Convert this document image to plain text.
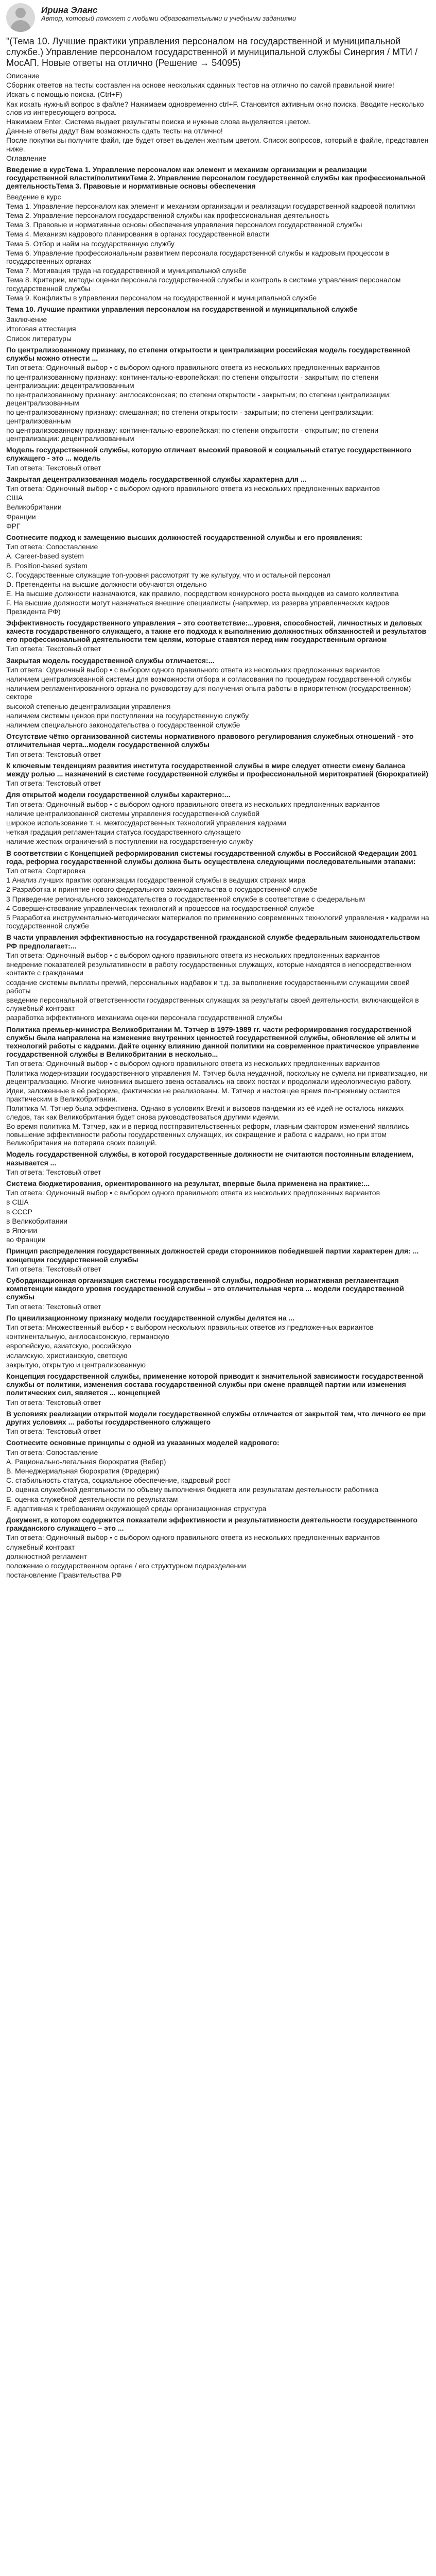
Ирина Эланс
Автор, который поможет с любыми образовательными и учебными заданиями
"(Тема 10. Лучшие практики управления персоналом на государственной и муниципальной службе.) Управление персоналом государственной и муниципальной службы Синергия / МТИ / МосАП. Новые ответы на отлично (Решение → 54095)
Описание
Сборник ответов на тесты составлен на основе нескольких сданных тестов на отлично по самой правильной книге!
Искать с помощью поиска. (Ctrl+F)
Как искать нужный вопрос в файле? Нажимаем одновременно ctrl+F. Становится активным окно поиска. Вводите несколько слов из интересующего вопроса.
Нажимаем Enter. Система выдает результаты поиска и нужные слова выделяются цветом.
Данные ответы дадут Вам возможность сдать тесты на отлично!
После покупки вы получите файл, где будет ответ выделен желтым цветом. Список вопросов, который в файле, представлен ниже.
Оглавление
Введение в курсТема 1. Управление персоналом как элемент и механизм организации и реализации государственной власти/политикиТема 2. Управление персоналом государственной службы как профессиональной деятельностьТема 3. Правовые и нормативные основы обеспечения
Введение в курс
Тема 1. Управление персоналом как элемент и механизм организации и реализации государственной кадровой политики
Тема 2. Управление персоналом государственной службы как профессиональная деятельность
Тема 3. Правовые и нормативные основы обеспечения управления персоналом государственной службы
Тема 4. Механизм кадрового планирования в органах государственной власти
Тема 5. Отбор и найм на государственную службу
Тема 6. Управление профессиональным развитием персонала государственной службы и кадровым процессом в государственных органах
Тема 7. Мотивация труда на государственной и муниципальной службе
Тема 8. Критерии, методы оценки персонала государственной службы и контроль в системе управления персоналом государственной службы
Тема 9. Конфликты в управлении персоналом на государственной и муниципальной службе
Тема 10. Лучшие практики управления персоналом на государственной и муниципальной службе
Заключение
Итоговая аттестация
Список литературы
По централизованному признаку, по степени открытости и централизации российская модель государственной службы можно отнести ...
Тип ответа: Одиночный выбор • с выбором одного правильного ответа из нескольких предложенных вариантов
по централизованному признаку: континентально-европейская; по степени открытости - закрытым; по степени централизации: децентрализованным
по централизованному признаку: англосаксонская; по степени открытости - закрытым; по степени централизации: децентрализованным
по централизованному признаку: смешанная; по степени открытости - закрытым; по степени централизации: централизованным
по централизованному признаку: континентально-европейская; по степени открытости - открытым; по степени централизации: децентрализованным
Модель государственной службы, которую отличает высокий правовой и социальный статус государственного служащего - это ... модель
Тип ответа: Текстовый ответ
Закрытая децентрализованная модель государственной службы характерна для ...
Тип ответа: Одиночный выбор • с выбором одного правильного ответа из нескольких предложенных вариантов
США
Великобритании
Франции
ФРГ
Соотнесите подход к замещению высших должностей государственной службы и его проявления:
Тип ответа: Сопоставление
A. Career-based system
B. Position-based system
C. Государственные служащие топ-уровня рассмотрят ту же культуру, что и остальной персонал
D. Претенденты на высшие должности обучаются отдельно
E. На высшие должности назначаются, как правило, посредством конкурсного роста выходцев из самого коллектива
F. На высшие должности могут назначаться внешние специалисты (например, из резерва управленческих кадров Президента РФ)
Эффективность государственного управления – это соответствие:...уровня, способностей, личностных и деловых качеств государственного служащего, а также его подхода к выполнению должностных обязанностей и результатов его профессиональной деятельности тем целям, которые ставятся перед ним государственным органом
Тип ответа: Текстовый ответ
Закрытая модель государственной службы отличается:...
Тип ответа: Одиночный выбор • с выбором одного правильного ответа из нескольких предложенных вариантов
наличием централизованной системы для возможности отбора и согласования по процедурам государственной службы
наличием регламентированного органа по руководству для получения опыта работы в приоритетном (государственном) секторе
высокой степенью децентрализации управления
наличием системы цензов при поступлении на государственную службу
наличием специального законодательства о государственной службе
Отсутствие чётко организованной системы нормативного правового регулирования служебных отношений - это отличительная черта...модели государственной службы
Тип ответа: Текстовый ответ
К ключевым тенденциям развития института государственной службы в мире следует отнести смену баланса между ролью ... назначений в системе государственной службы и профессиональной меритократией (бюрократией)
Тип ответа: Текстовый ответ
Для открытой модели государственной службы характерно:...
Тип ответа: Одиночный выбор • с выбором одного правильного ответа из нескольких предложенных вариантов
наличие централизованной системы управления государственной службой
широкое использование т. н. межгосударственных технологий управления кадрами
четкая градация регламентации статуса государственного служащего
наличие жестких ограничений в поступлении на государственную службу
В соответствии с Концепцией реформирования системы государственной службы в Российской Федерации 2001 года, реформа государственной службы должна быть осуществлена следующими последовательными этапами:
Тип ответа: Сортировка
1 Анализ лучших практик организации государственной службы в ведущих странах мира
2 Разработка и принятие нового федерального законодательства о государственной службе
3 Приведение регионального законодательства о государственной службе в соответствие с федеральным
4 Совершенствование управленческих технологий и процессов на государственной службе
5 Разработка инструментально-методических материалов по применению современных технологий управления • кадрами на государственной службе
В части управления эффективностью на государственной гражданской службе федеральным законодательством РФ предполагает:...
Тип ответа: Одиночный выбор • с выбором одного правильного ответа из нескольких предложенных вариантов
внедрение показателей результативности в работу государственных служащих, которые находятся в непосредственном контакте с гражданами
создание системы выплаты премий, персональных надбавок и т.д. за выполнение государственными служащими своей работы
введение персональной ответственности государственных служащих за результаты своей деятельности, включающейся в служебный контракт
разработка эффективного механизма оценки персонала государственной службы
Политика премьер-министра Великобритании М. Тэтчер в 1979-1989 гг. части реформирования государственной службы была направлена на изменение внутренних ценностей государственной службы, обновление её элиты и технологий работы с кадрами. Дайте оценку влиянию данной политики на современное практическое управление государственной службы в Великобритании в несколько...
Тип ответа: Одиночный выбор • с выбором одного правильного ответа из нескольких предложенных вариантов
Политика модернизации государственного управления М. Тэтчер была неудачной, поскольку не сумела ни приватизацию, ни децентрализацию. Многие чиновники высшего звена оставались на своих постах и продолжали идеологическую работу.
Идеи, заложенные в её реформе, фактически не реализованы. М. Тэтчер и настоящее время по-прежнему остаются практическим в Великобритании.
Политика М. Тэтчер была эффективна. Однако в условиях Brexit и вызовов пандемии из её идей не осталось никаких следов, так как Великобритания будет снова руководствоваться другими идеями.
Во время политика М. Тэтчер, как и в период постправительственных реформ, главным фактором изменений являлись повышение эффективности работы государственных служащих, их сокращение и работа с кадрами, но при этом Великобритания не потеряла своих позиций.
Модель государственной службы, в которой государственные должности не считаются постоянным владением, называется ...
Тип ответа: Текстовый ответ
Система бюджетирования, ориентированного на результат, впервые была применена на практике:...
Тип ответа: Одиночный выбор • с выбором одного правильного ответа из нескольких предложенных вариантов
в США
в СССР
в Великобритании
в Японии
во Франции
Принцип распределения государственных должностей среди сторонников победившей партии характерен для: ... концепции государственной службы
Тип ответа: Текстовый ответ
Субординационная организация системы государственной службы, подробная нормативная регламентация компетенции каждого уровня государственной службы – это отличительная черта ... модели государственной службы
Тип ответа: Текстовый ответ
По цивилизационному признаку модели государственной службы делятся на ...
Тип ответа: Множественный выбор • с выбором нескольких правильных ответов из предложенных вариантов
континентальную, англосаксонскую, германскую
европейскую, азиатскую, российскую
исламскую, христианскую, светскую
закрытую, открытую и централизованную
Концепция государственной службы, применение которой приводит к значительной зависимости государственной службы от политики, изменения состава государственной службы при смене правящей партии или изменения политических сил, является ... концепцией
Тип ответа: Текстовый ответ
В условиях реализации открытой модели государственной службы отличается от закрытой тем, что личного ее при других условиях ... работы государственного служащего
Тип ответа: Текстовый ответ
Соотнесите основные принципы с одной из указанных моделей кадрового:
Тип ответа: Сопоставление
A. Рационально-легальная бюрократия (Вебер)
B. Менеджериальная бюрократия (Фредерик)
C. стабильность статуса, социальное обеспечение, кадровый рост
D. оценка служебной деятельности по объему выполнения бюджета или результатам деятельности работника
E. оценка служебной деятельности по результатам
F. адаптивная к требованиям окружающей среды организационная структура
Документ, в котором содержится показатели эффективности и результативности деятельности государственного гражданского служащего – это ...
Тип ответа: Одиночный выбор • с выбором одного правильного ответа из нескольких предложенных вариантов
служебный контракт
должностной регламент
положение о государственном органе / его структурном подразделении
постановление Правительства РФ
